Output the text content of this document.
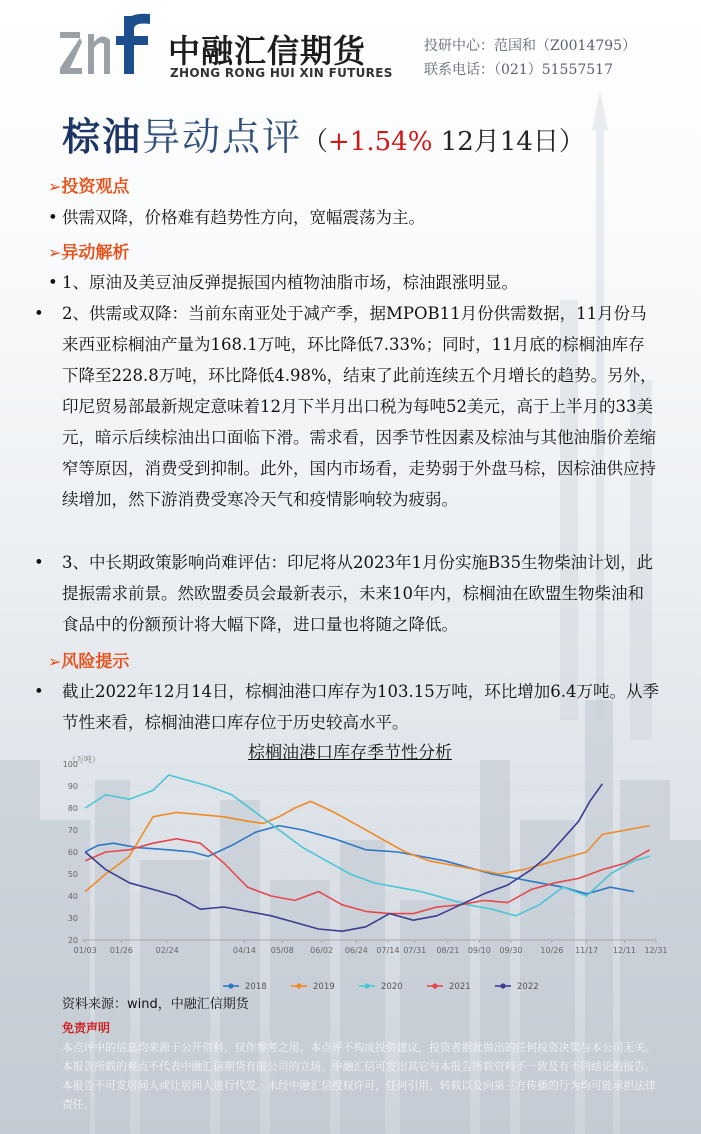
中融汇信期货
ZHONG RONG HUI XIN FUTURES
投研中心：范国和（Z0014795）
联系电话：（021）51557517
棕油异动点评（+1.54% 12月14日）
➢投资观点
• 供需双降，价格难有趋势性方向，宽幅震荡为主。
➢异动解析
• 1、原油及美豆油反弹提振国内植物油脂市场，棕油跟涨明显。
• 2、供需或双降：当前东南亚处于减产季，据MPOB11月份供需数据，11月份马来西亚棕榈油产量为168.1万吨，环比降低7.33%；同时，11月底的棕榈油库存下降至228.8万吨，环比降低4.98%，结束了此前连续五个月增长的趋势。另外，印尼贸易部最新规定意味着12月下半月出口税为每吨52美元，高于上半月的33美元，暗示后续棕油出口面临下滑。需求看，因季节性因素及棕油与其他油脂价差缩窄等原因，消费受到抑制。此外，国内市场看，走势弱于外盘马棕，因棕油供应持续增加，然下游消费受寒冷天气和疫情影响较为疲弱。
• 3、中长期政策影响尚难评估：印尼将从2023年1月份实施B35生物柴油计划，此提振需求前景。然欧盟委员会最新表示，未来10年内，棕榈油在欧盟生物柴油和食品中的份额预计将大幅下降，进口量也将随之降低。
➢风险提示
• 截止2022年12月14日，棕榈油港口库存为103.15万吨，环比增加6.4万吨。从季节性来看，棕榈油港口库存位于历史较高水平。
棕榈油港口库存季节性分析
（万吨）
20
30
40
50
60
70
80
90
100
01/03 01/26	02/24	04/14 05/08 06/02 06/24 07/14 07/31 08/21 09/10 09/30 10/26 11/17 12/11 12/31
2018	2019	2020	2021	2022
资料来源：wind，中融汇信期货
免责声明
本点评中的信息均来源于公开资料，仅作参考之用。本点评不构成投资建议，投资者据此做出的任何投资决策与本公司无关。本报告所载的观点不代表中融汇信期货有限公司的立场。中融汇信可发出其它与本报告所载资料不一致及有不同结论的报告。本报告不可发居间人或让居间人进行代发。未经中融汇信授权许可，任何引用、转载以及向第三方传播的行为均可能承担法律责任。
